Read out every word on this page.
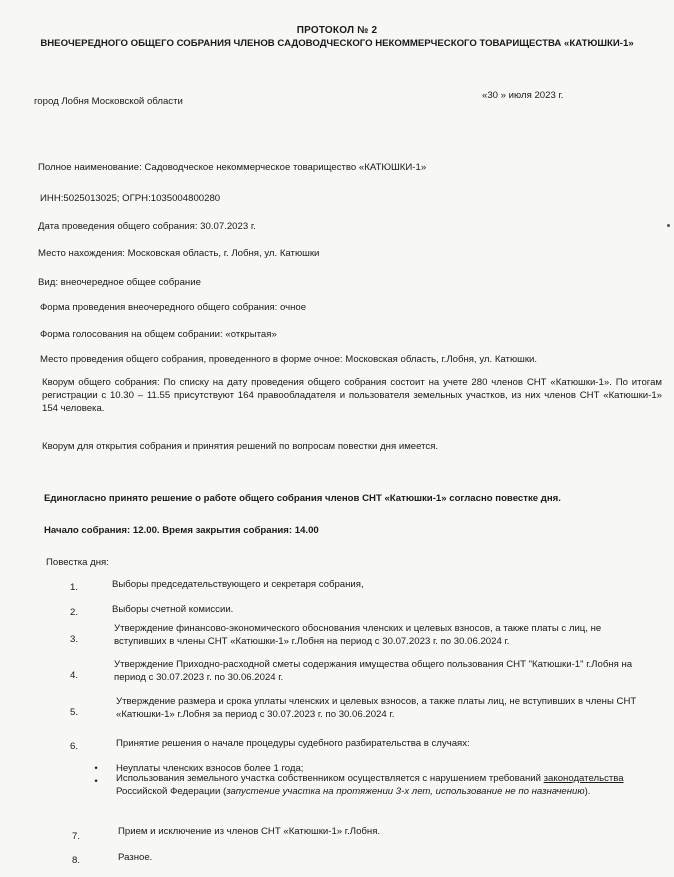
ПРОТОКОЛ № 2
ВНЕОЧЕРЕДНОГО ОБЩЕГО СОБРАНИЯ ЧЛЕНОВ САДОВОДЧЕСКОГО НЕКОММЕРЧЕСКОГО ТОВАРИЩЕСТВА «КАТЮШКИ-1»
город Лобня Московской области
«30 » июля 2023 г.
Полное наименование: Садоводческое некоммерческое товарищество «КАТЮШКИ-1»
ИНН:5025013025; ОГРН:1035004800280
Дата проведения общего собрания: 30.07.2023 г.
Место нахождения: Московская область, г. Лобня, ул. Катюшки
Вид: внеочередное общее собрание
Форма проведения внеочередного общего собрания: очное
Форма голосования на общем собрании: «открытая»
Место проведения общего собрания, проведенного в форме очное: Московская область, г.Лобня, ул. Катюшки.
Кворум общего собрания: По списку на дату проведения общего собрания состоит на учете 280 членов СНТ «Катюшки-1». По итогам регистрации с 10.30 – 11.55 присутствуют 164 правообладателя и пользователя земельных участков, из них членов СНТ «Катюшки-1» 154 человека.
Кворум для открытия собрания и принятия решений по вопросам повестки дня имеется.
Единогласно принято решение о работе общего собрания членов СНТ «Катюшки-1» согласно повестке дня.
Начало собрания: 12.00. Время закрытия собрания: 14.00
Повестка дня:
1.	Выборы председательствующего и секретаря собрания,
2.	Выборы счетной комиссии.
3.
Утверждение финансово-экономического обоснования членских и целевых взносов, а также платы с лиц, не вступивших в члены СНТ «Катюшки-1» г.Лобня на период с 30.07.2023 г. по 30.06.2024 г.
4.
Утверждение Приходно-расходной сметы содержания имущества общего пользования СНТ "Катюшки-1" г.Лобня на период с 30.07.2023 г. по 30.06.2024 г.
5.
Утверждение размера и срока уплаты членских и целевых взносов, а также платы лиц, не вступивших в члены СНТ «Катюшки-1» г.Лобня за период с 30.07.2023 г. по 30.06.2024 г.
6.	Принятие решения о начале процедуры судебного разбирательства в случаях:
• Неуплаты членских взносов более 1 года;
• Использования земельного участка собственником осуществляется с нарушением требований законодательства Российской Федерации (запустение участка на протяжении 3-х лет, использование не по назначению).
7.	Прием и исключение из членов СНТ «Катюшки-1» г.Лобня.
8.	Разное.
